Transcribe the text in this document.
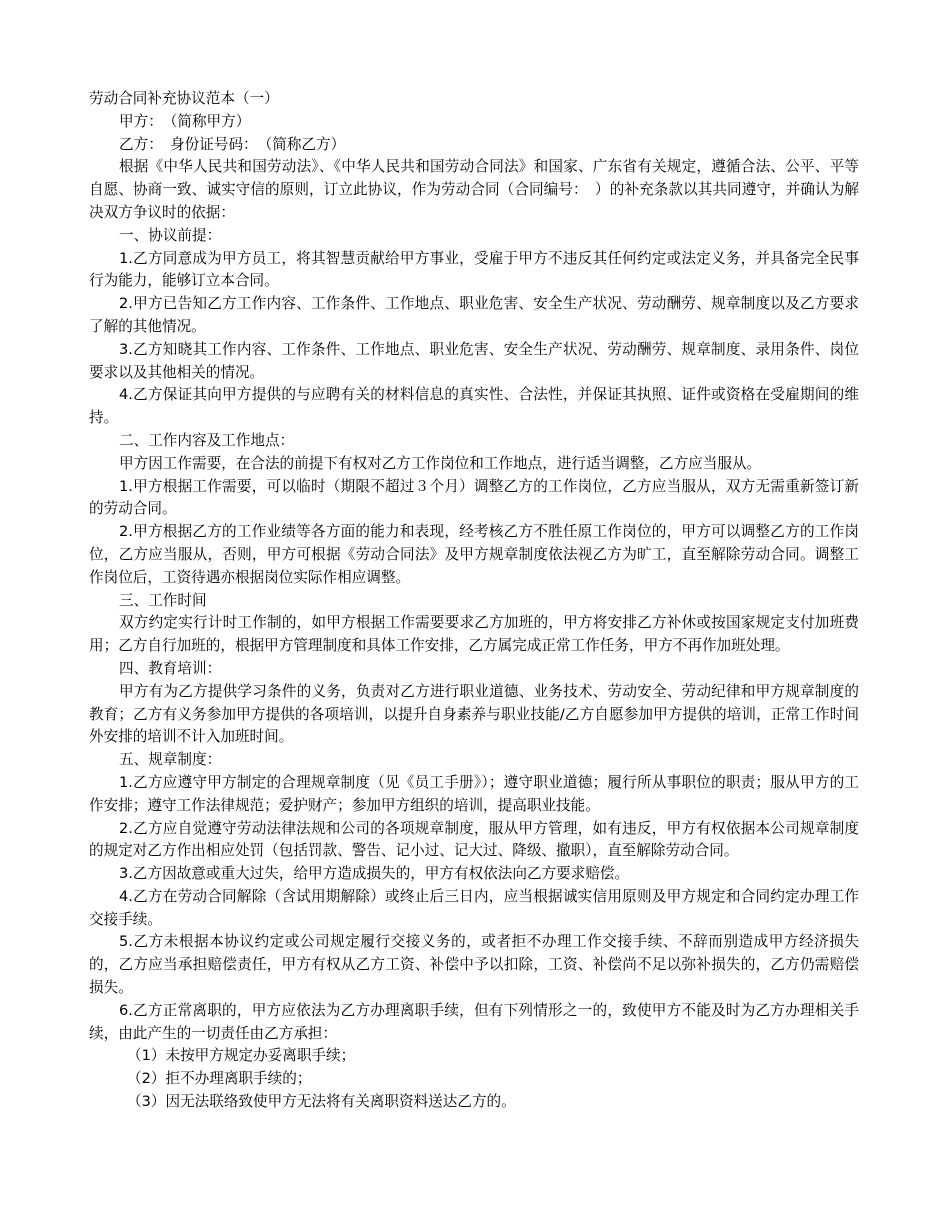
劳动合同补充协议范本（一）

甲方：　（简称甲方）

乙方：　身份证号码：　（简称乙方）

根据《中华人民共和国劳动法》、《中华人民共和国劳动合同法》和国家、广东省有关规定，遵循合法、公平、平等自愿、协商一致、诚实守信的原则，订立此协议，作为劳动合同（合同编号：　）的补充条款以其共同遵守，并确认为解决双方争议时的依据：

一、协议前提：

1.乙方同意成为甲方员工，将其智慧贡献给甲方事业，受雇于甲方不违反其任何约定或法定义务，并具备完全民事行为能力，能够订立本合同。

2.甲方已告知乙方工作内容、工作条件、工作地点、职业危害、安全生产状况、劳动酬劳、规章制度以及乙方要求了解的其他情况。

3.乙方知晓其工作内容、工作条件、工作地点、职业危害、安全生产状况、劳动酬劳、规章制度、录用条件、岗位要求以及其他相关的情况。

4.乙方保证其向甲方提供的与应聘有关的材料信息的真实性、合法性，并保证其执照、证件或资格在受雇期间的维持。

二、工作内容及工作地点：

甲方因工作需要，在合法的前提下有权对乙方工作岗位和工作地点，进行适当调整，乙方应当服从。

1.甲方根据工作需要，可以临时（期限不超过３个月）调整乙方的工作岗位，乙方应当服从，双方无需重新签订新的劳动合同。

2.甲方根据乙方的工作业绩等各方面的能力和表现，经考核乙方不胜任原工作岗位的，甲方可以调整乙方的工作岗位，乙方应当服从，否则，甲方可根据《劳动合同法》及甲方规章制度依法视乙方为旷工，直至解除劳动合同。调整工作岗位后，工资待遇亦根据岗位实际作相应调整。

三、工作时间

双方约定实行计时工作制的，如甲方根据工作需要要求乙方加班的，甲方将安排乙方补休或按国家规定支付加班费用；乙方自行加班的，根据甲方管理制度和具体工作安排，乙方属完成正常工作任务，甲方不再作加班处理。

四、教育培训：

甲方有为乙方提供学习条件的义务，负责对乙方进行职业道德、业务技术、劳动安全、劳动纪律和甲方规章制度的教育；乙方有义务参加甲方提供的各项培训，以提升自身素养与职业技能/乙方自愿参加甲方提供的培训，正常工作时间外安排的培训不计入加班时间。

五、规章制度：

1.乙方应遵守甲方制定的合理规章制度（见《员工手册》）；遵守职业道德；履行所从事职位的职责；服从甲方的工作安排；遵守工作法律规范；爱护财产；参加甲方组织的培训，提高职业技能。

2.乙方应自觉遵守劳动法律法规和公司的各项规章制度，服从甲方管理，如有违反，甲方有权依据本公司规章制度的规定对乙方作出相应处罚（包括罚款、警告、记小过、记大过、降级、撤职），直至解除劳动合同。

3.乙方因故意或重大过失，给甲方造成损失的，甲方有权依法向乙方要求赔偿。

4.乙方在劳动合同解除（含试用期解除）或终止后三日内，应当根据诚实信用原则及甲方规定和合同约定办理工作交接手续。

5.乙方未根据本协议约定或公司规定履行交接义务的，或者拒不办理工作交接手续、不辞而别造成甲方经济损失的，乙方应当承担赔偿责任，甲方有权从乙方工资、补偿中予以扣除，工资、补偿尚不足以弥补损失的，乙方仍需赔偿损失。

6.乙方正常离职的，甲方应依法为乙方办理离职手续，但有下列情形之一的，致使甲方不能及时为乙方办理相关手续，由此产生的一切责任由乙方承担：

（1）未按甲方规定办妥离职手续；

（2）拒不办理离职手续的；

（3）因无法联络致使甲方无法将有关离职资料送达乙方的。
